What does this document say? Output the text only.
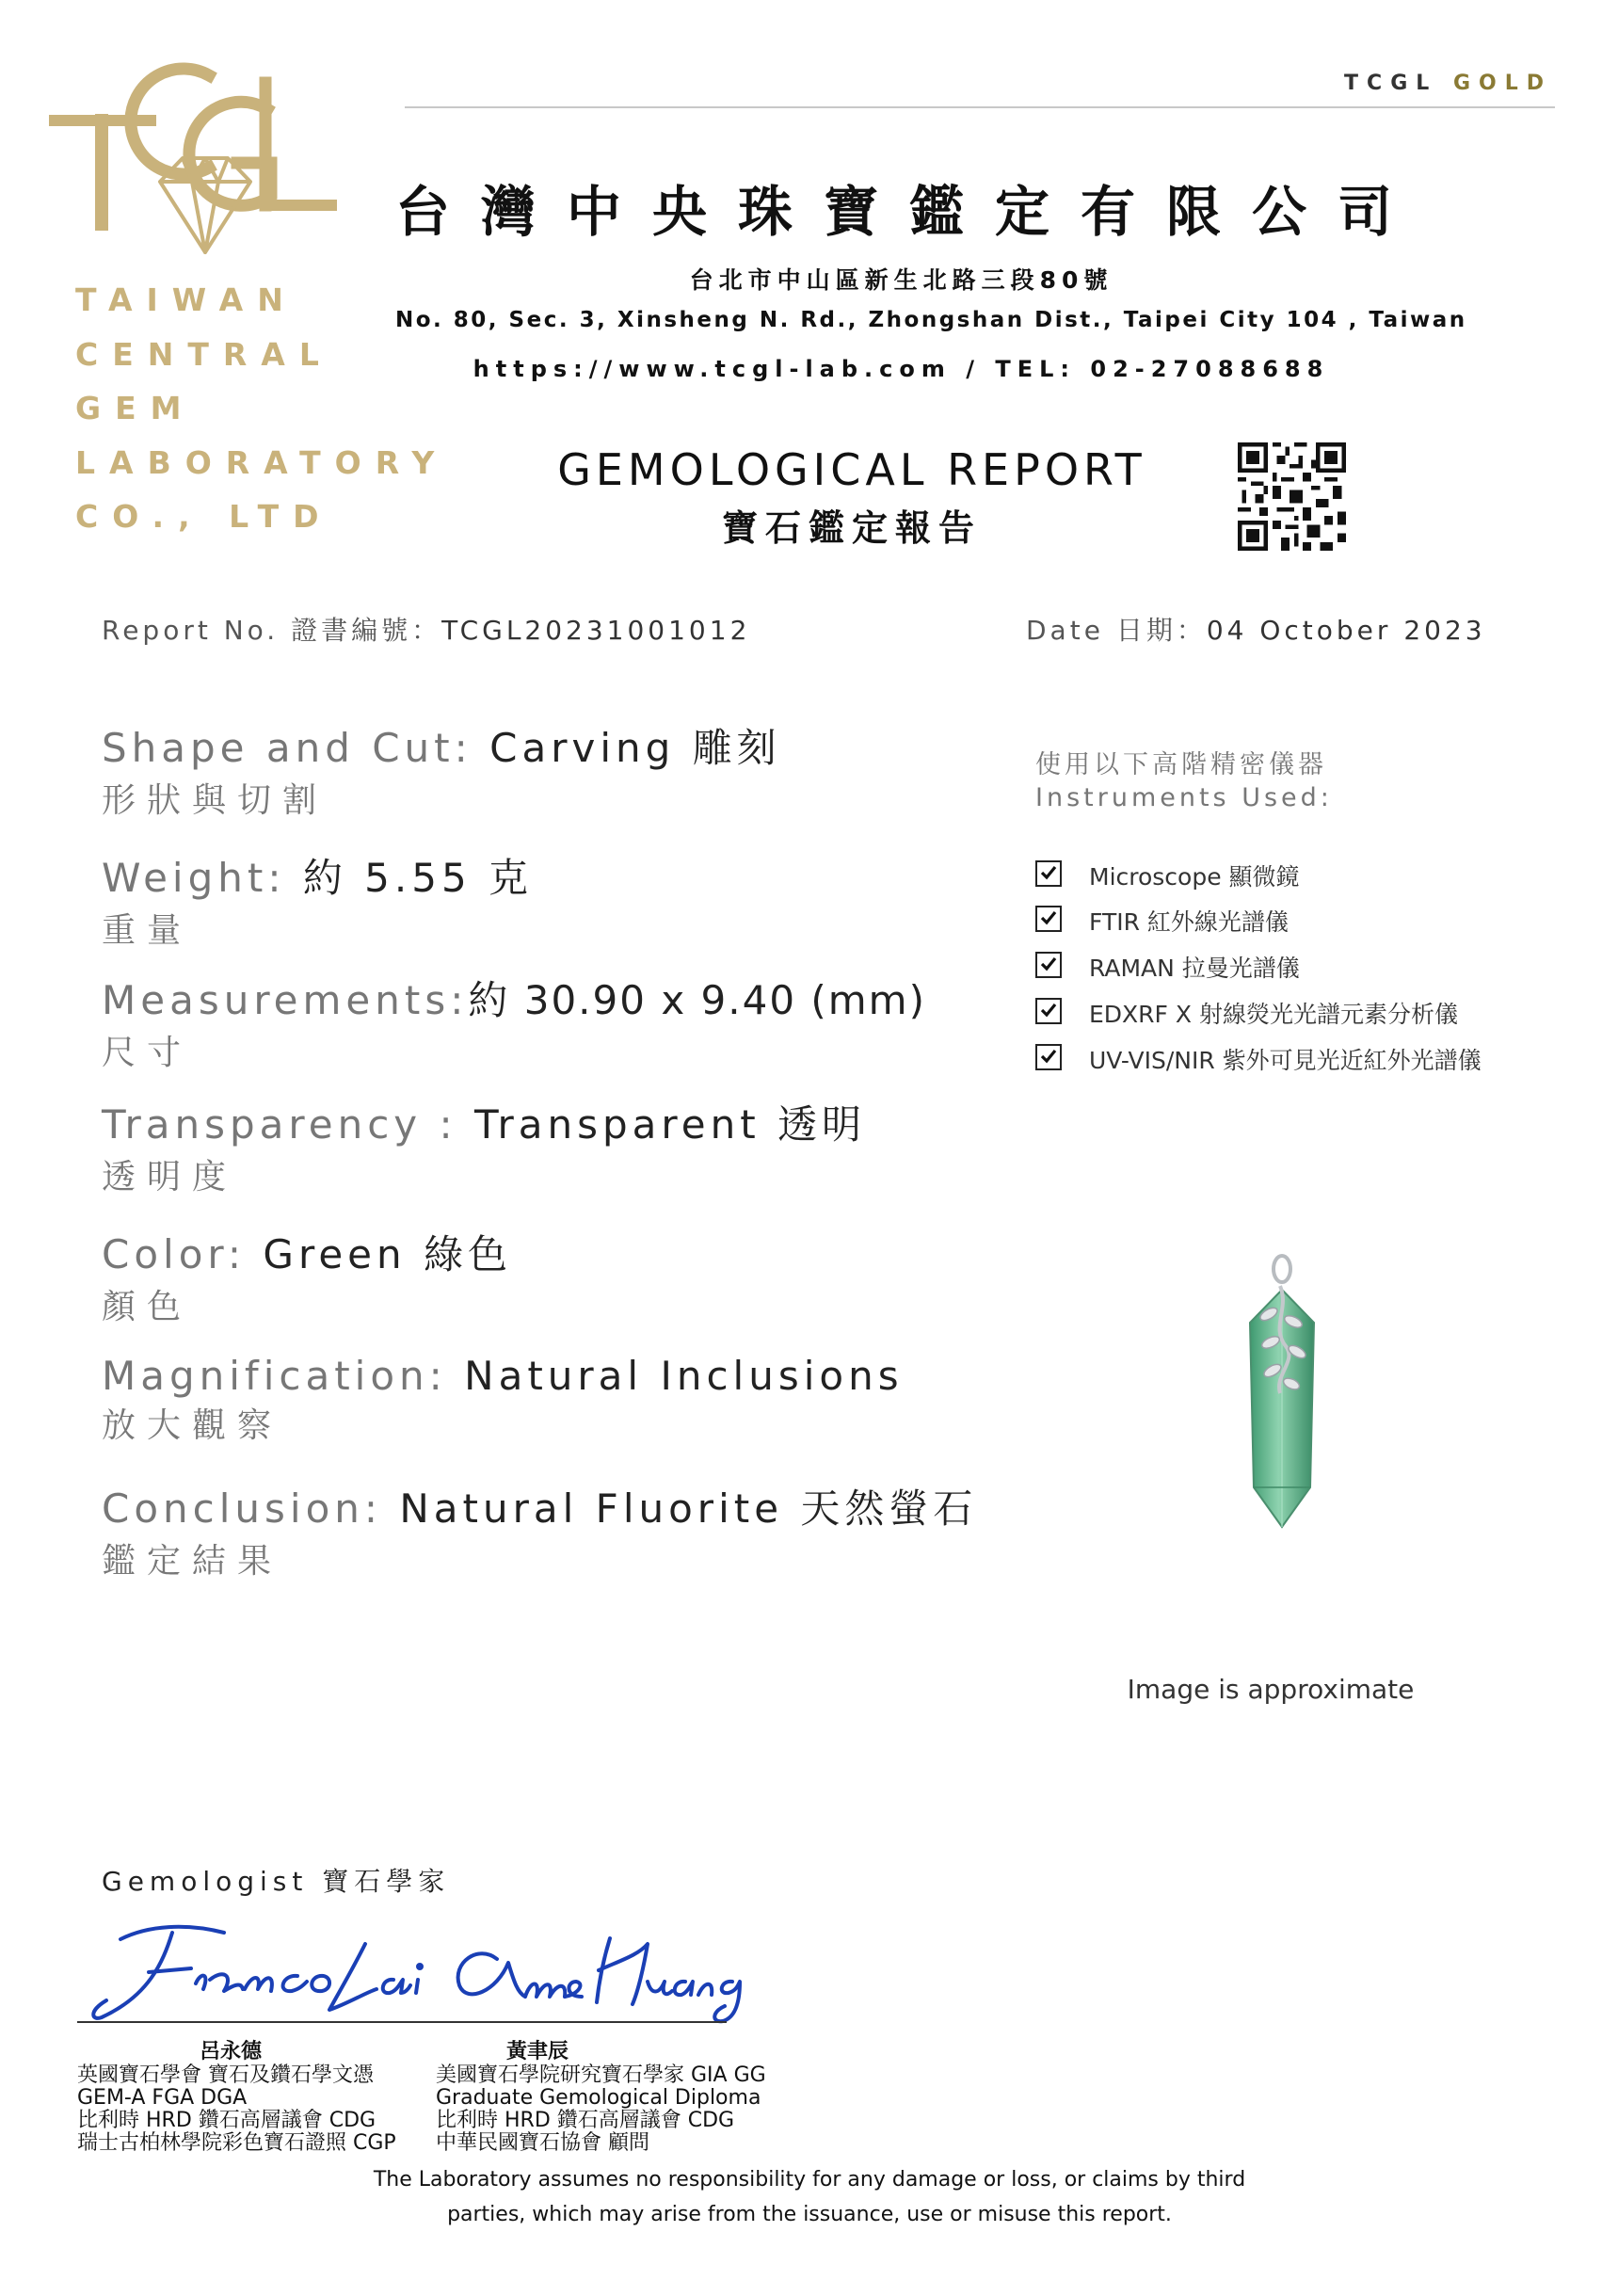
TAIWAN
CENTRAL
GEM
LABORATORY
CO., LTD
TCGL GOLD
台灣中央珠寶鑑定有限公司
台北市中山區新生北路三段80號
No. 80, Sec. 3, Xinsheng N. Rd., Zhongshan Dist., Taipei City 104 , Taiwan
https://www.tcgl-lab.com / TEL: 02-27088688
GEMOLOGICAL REPORT
寶石鑑定報告
Report No. 證書編號：TCGL20231001012	Date 日期：04 October 2023
Shape and Cut: Carving 雕刻
形狀與切割
Weight: 約 5.55 克
重量
Measurements:約 30.90 x 9.40 (mm)
尺寸
Transparency : Transparent 透明
透明度
Color: Green 綠色
顏色
Magnification: Natural Inclusions
放大觀察
Conclusion: Natural Fluorite 天然螢石
鑑定結果
使用以下高階精密儀器
Instruments Used:
Microscope 顯微鏡
FTIR 紅外線光譜儀
RAMAN 拉曼光譜儀
EDXRF X 射線熒光光譜元素分析儀
UV-VIS/NIR 紫外可見光近紅外光譜儀
Image is approximate
Gemologist 寶石學家
呂永德	黃聿辰
英國寶石學會 寶石及鑽石學文憑
GEM-A FGA DGA
比利時 HRD 鑽石高層議會 CDG
瑞士古柏林學院彩色寶石證照 CGP
美國寶石學院研究寶石學家 GIA GG
Graduate Gemological Diploma
比利時 HRD 鑽石高層議會 CDG
中華民國寶石協會 顧問
The Laboratory assumes no responsibility for any damage or loss, or claims by third
parties, which may arise from the issuance, use or misuse this report.
